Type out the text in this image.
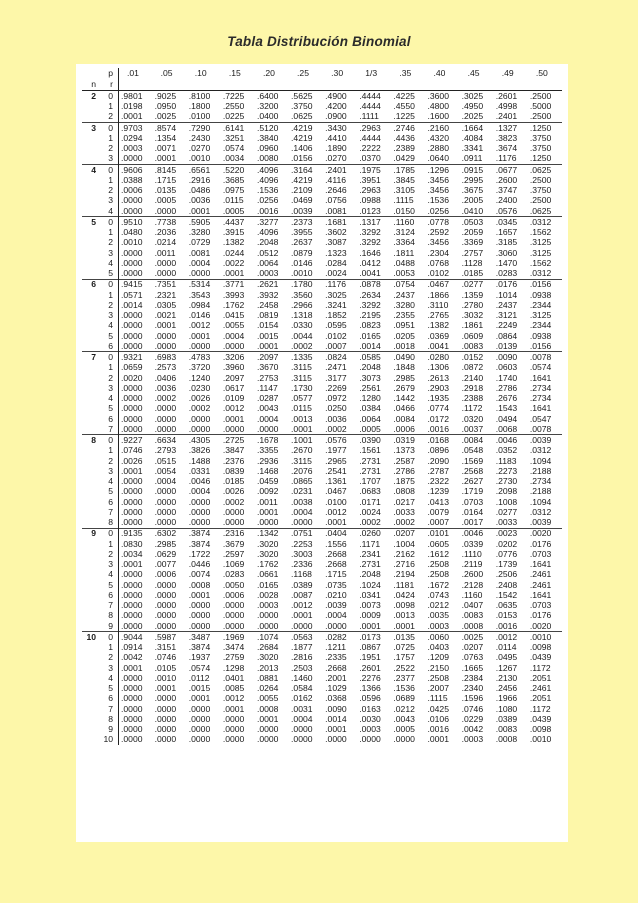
Tabla Distribución Binomial
	p	.01	.05	.10	.15	.20	.25	.30	1/3	.35	.40	.45	.49	.50
n	r													
2	0	.9801	.9025	.8100	.7225	.6400	.5625	.4900	.4444	.4225	.3600	.3025	.2601	.2500
	1	.0198	.0950	.1800	.2550	.3200	.3750	.4200	.4444	.4550	.4800	.4950	.4998	.5000
	2	.0001	.0025	.0100	.0225	.0400	.0625	.0900	.1111	.1225	.1600	.2025	.2401	.2500
3	0	.9703	.8574	.7290	.6141	.5120	.4219	.3430	.2963	.2746	.2160	.1664	.1327	.1250
	1	.0294	.1354	.2430	.3251	.3840	.4219	.4410	.4444	.4436	.4320	.4084	.3823	.3750
	2	.0003	.0071	.0270	.0574	.0960	.1406	.1890	.2222	.2389	.2880	.3341	.3674	.3750
	3	.0000	.0001	.0010	.0034	.0080	.0156	.0270	.0370	.0429	.0640	.0911	.1176	.1250
4	0	.9606	.8145	.6561	.5220	.4096	.3164	.2401	.1975	.1785	.1296	.0915	.0677	.0625
	1	.0388	.1715	.2916	.3685	.4096	.4219	.4116	.3951	.3845	.3456	.2995	.2600	.2500
	2	.0006	.0135	.0486	.0975	.1536	.2109	.2646	.2963	.3105	.3456	.3675	.3747	.3750
	3	.0000	.0005	.0036	.0115	.0256	.0469	.0756	.0988	.1115	.1536	.2005	.2400	.2500
	4	.0000	.0000	.0001	.0005	.0016	.0039	.0081	.0123	.0150	.0256	.0410	.0576	.0625
5	0	.9510	.7738	.5905	.4437	.3277	.2373	.1681	.1317	.1160	.0778	.0503	.0345	.0312
	1	.0480	.2036	.3280	.3915	.4096	.3955	.3602	.3292	.3124	.2592	.2059	.1657	.1562
	2	.0010	.0214	.0729	.1382	.2048	.2637	.3087	.3292	.3364	.3456	.3369	.3185	.3125
	3	.0000	.0011	.0081	.0244	.0512	.0879	.1323	.1646	.1811	.2304	.2757	.3060	.3125
	4	.0000	.0000	.0004	.0022	.0064	.0146	.0284	.0412	.0488	.0768	.1128	.1470	.1562
	5	.0000	.0000	.0000	.0001	.0003	.0010	.0024	.0041	.0053	.0102	.0185	.0283	.0312
6	0	.9415	.7351	.5314	.3771	.2621	.1780	.1176	.0878	.0754	.0467	.0277	.0176	.0156
	1	.0571	.2321	.3543	.3993	.3932	.3560	.3025	.2634	.2437	.1866	.1359	.1014	.0938
	2	.0014	.0305	.0984	.1762	.2458	.2966	.3241	.3292	.3280	.3110	.2780	.2437	.2344
	3	.0000	.0021	.0146	.0415	.0819	.1318	.1852	.2195	.2355	.2765	.3032	.3121	.3125
	4	.0000	.0001	.0012	.0055	.0154	.0330	.0595	.0823	.0951	.1382	.1861	.2249	.2344
	5	.0000	.0000	.0001	.0004	.0015	.0044	.0102	.0165	.0205	.0369	.0609	.0864	.0938
	6	.0000	.0000	.0000	.0000	.0001	.0002	.0007	.0014	.0018	.0041	.0083	.0139	.0156
7	0	.9321	.6983	.4783	.3206	.2097	.1335	.0824	.0585	.0490	.0280	.0152	.0090	.0078
	1	.0659	.2573	.3720	.3960	.3670	.3115	.2471	.2048	.1848	.1306	.0872	.0603	.0574
	2	.0020	.0406	.1240	.2097	.2753	.3115	.3177	.3073	.2985	.2613	.2140	.1740	.1641
	3	.0000	.0036	.0230	.0617	.1147	.1730	.2269	.2561	.2679	.2903	.2918	.2786	.2734
	4	.0000	.0002	.0026	.0109	.0287	.0577	.0972	.1280	.1442	.1935	.2388	.2676	.2734
	5	.0000	.0000	.0002	.0012	.0043	.0115	.0250	.0384	.0466	.0774	.1172	.1543	.1641
	6	.0000	.0000	.0000	.0001	.0004	.0013	.0036	.0064	.0084	.0172	.0320	.0494	.0547
	7	.0000	.0000	.0000	.0000	.0000	.0001	.0002	.0005	.0006	.0016	.0037	.0068	.0078
8	0	.9227	.6634	.4305	.2725	.1678	.1001	.0576	.0390	.0319	.0168	.0084	.0046	.0039
	1	.0746	.2793	.3826	.3847	.3355	.2670	.1977	.1561	.1373	.0896	.0548	.0352	.0312
	2	.0026	.0515	.1488	.2376	.2936	.3115	.2965	.2731	.2587	.2090	.1569	.1183	.1094
	3	.0001	.0054	.0331	.0839	.1468	.2076	.2541	.2731	.2786	.2787	.2568	.2273	.2188
	4	.0000	.0004	.0046	.0185	.0459	.0865	.1361	.1707	.1875	.2322	.2627	.2730	.2734
	5	.0000	.0000	.0004	.0026	.0092	.0231	.0467	.0683	.0808	.1239	.1719	.2098	.2188
	6	.0000	.0000	.0000	.0002	.0011	.0038	.0100	.0171	.0217	.0413	.0703	.1008	.1094
	7	.0000	.0000	.0000	.0000	.0001	.0004	.0012	.0024	.0033	.0079	.0164	.0277	.0312
	8	.0000	.0000	.0000	.0000	.0000	.0000	.0001	.0002	.0002	.0007	.0017	.0033	.0039
9	0	.9135	.6302	.3874	.2316	.1342	.0751	.0404	.0260	.0207	.0101	.0046	.0023	.0020
	1	.0830	.2985	.3874	.3679	.3020	.2253	.1556	.1171	.1004	.0605	.0339	.0202	.0176
	2	.0034	.0629	.1722	.2597	.3020	.3003	.2668	.2341	.2162	.1612	.1110	.0776	.0703
	3	.0001	.0077	.0446	.1069	.1762	.2336	.2668	.2731	.2716	.2508	.2119	.1739	.1641
	4	.0000	.0006	.0074	.0283	.0661	.1168	.1715	.2048	.2194	.2508	.2600	.2506	.2461
	5	.0000	.0000	.0008	.0050	.0165	.0389	.0735	.1024	.1181	.1672	.2128	.2408	.2461
	6	.0000	.0000	.0001	.0006	.0028	.0087	.0210	.0341	.0424	.0743	.1160	.1542	.1641
	7	.0000	.0000	.0000	.0000	.0003	.0012	.0039	.0073	.0098	.0212	.0407	.0635	.0703
	8	.0000	.0000	.0000	.0000	.0000	.0001	.0004	.0009	.0013	.0035	.0083	.0153	.0176
	9	.0000	.0000	.0000	.0000	.0000	.0000	.0000	.0001	.0001	.0003	.0008	.0016	.0020
10	0	.9044	.5987	.3487	.1969	.1074	.0563	.0282	.0173	.0135	.0060	.0025	.0012	.0010
	1	.0914	.3151	.3874	.3474	.2684	.1877	.1211	.0867	.0725	.0403	.0207	.0114	.0098
	2	.0042	.0746	.1937	.2759	.3020	.2816	.2335	.1951	.1757	.1209	.0763	.0495	.0439
	3	.0001	.0105	.0574	.1298	.2013	.2503	.2668	.2601	.2522	.2150	.1665	.1267	.1172
	4	.0000	.0010	.0112	.0401	.0881	.1460	.2001	.2276	.2377	.2508	.2384	.2130	.2051
	5	.0000	.0001	.0015	.0085	.0264	.0584	.1029	.1366	.1536	.2007	.2340	.2456	.2461
	6	.0000	.0000	.0001	.0012	.0055	.0162	.0368	.0596	.0689	.1115	.1596	.1966	.2051
	7	.0000	.0000	.0000	.0001	.0008	.0031	.0090	.0163	.0212	.0425	.0746	.1080	.1172
	8	.0000	.0000	.0000	.0000	.0001	.0004	.0014	.0030	.0043	.0106	.0229	.0389	.0439
	9	.0000	.0000	.0000	.0000	.0000	.0000	.0001	.0003	.0005	.0016	.0042	.0083	.0098
	10	.0000	.0000	.0000	.0000	.0000	.0000	.0000	.0000	.0000	.0001	.0003	.0008	.0010
